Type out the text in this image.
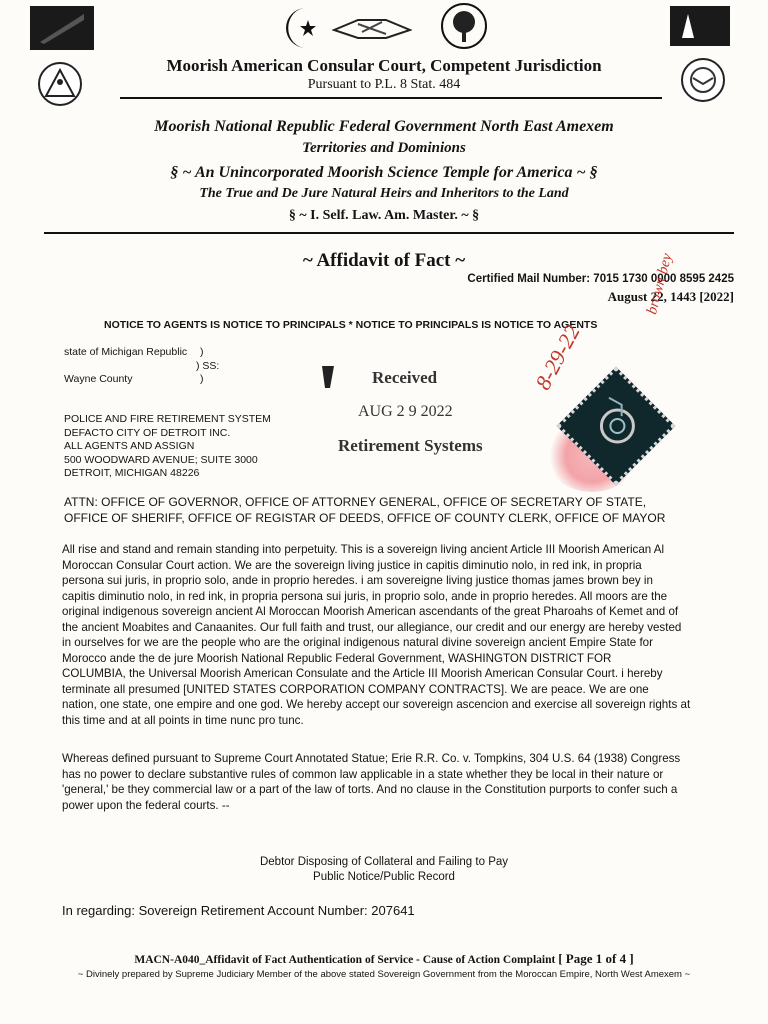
Moorish American Consular Court, Competent Jurisdiction
Pursuant to P.L. 8 Stat. 484
Moorish National Republic Federal Government North East Amexem
Territories and Dominions
§ ~ An Unincorporated Moorish Science Temple for America ~ §
The True and De Jure Natural Heirs and Inheritors to the Land
§ ~ I. Self. Law. Am. Master. ~ §
~ Affidavit of Fact ~
Certified Mail Number: 7015 1730 0000 8595 2425
August 22, 1443 [2022]
NOTICE TO AGENTS IS NOTICE TO PRINCIPALS * NOTICE TO PRINCIPALS IS NOTICE TO AGENTS
state of Michigan Republic )
) SS:
Wayne County	)	Received
AUG 2 9 2022
Retirement Systems
POLICE AND FIRE RETIREMENT SYSTEM
DEFACTO CITY OF DETROIT INC.
ALL AGENTS AND ASSIGN
500 WOODWARD AVENUE; SUITE 3000
DETROIT, MICHIGAN 48226
8-29-22
brown bey
ATTN: OFFICE OF GOVERNOR, OFFICE OF ATTORNEY GENERAL, OFFICE OF SECRETARY OF STATE,
OFFICE OF SHERIFF, OFFICE OF REGISTAR OF DEEDS, OFFICE OF COUNTY CLERK, OFFICE OF MAYOR

All rise and stand and remain standing into perpetuity. This is a sovereign living ancient Article III Moorish American Al

Moroccan Consular Court action. We are the sovereign living justice in capitis diminutio nolo, in red ink, in propria

persona sui juris, in proprio solo, ande in proprio heredes. i am sovereigne living justice thomas james brown bey in

capitis diminutio nolo, in red ink, in propria persona sui juris, in proprio solo, ande in proprio heredes. All moors are the

original indigenous sovereign ancient Al Moroccan Moorish American ascendants of the great Pharoahs of Kemet and of

the ancient Moabites and Canaanites. Our full faith and trust, our allegiance, our credit and our energy are hereby vested

in ourselves for we are the people who are the original indigenous natural divine sovereign ancient Empire State for

Morocco ande the de jure Moorish National Republic Federal Government, WASHINGTON DISTRICT FOR

COLUMBIA, the Universal Moorish American Consulate and the Article III Moorish American Consular Court. i hereby

terminate all presumed [UNITED STATES CORPORATION COMPANY CONTRACTS]. We are peace. We are one

nation, one state, one empire and one god. We hereby accept our sovereign ascencion and exercise all sovereign rights at

this time and at all points in time nunc pro tunc.

Whereas defined pursuant to Supreme Court Annotated Statue; Erie R.R. Co. v. Tompkins, 304 U.S. 64 (1938) Congress

has no power to declare substantive rules of common law applicable in a state whether they be local in their nature or

'general,' be they commercial law or a part of the law of torts. And no clause in the Constitution purports to confer such a

power upon the federal courts. --

Debtor Disposing of Collateral and Failing to Pay
Public Notice/Public Record
In regarding: Sovereign Retirement Account Number: 207641
MACN-A040_Affidavit of Fact Authentication of Service - Cause of Action Complaint [ Page 1 of 4 ]
~ Divinely prepared by Supreme Judiciary Member of the above stated Sovereign Government from the Moroccan Empire, North West Amexem ~
